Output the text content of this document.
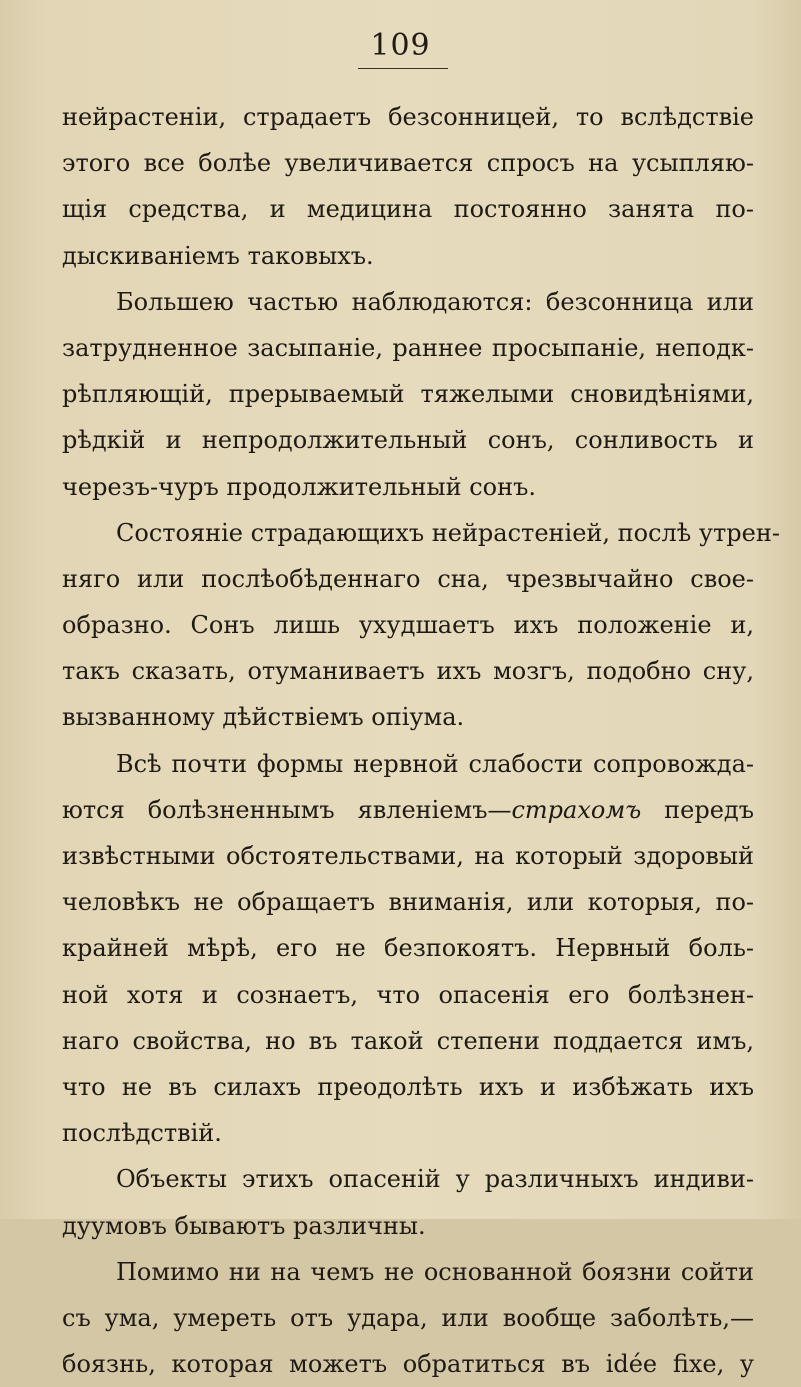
109
нейрастеніи, страдаетъ безсонницей, то вслѣдствіе
этого все болѣе увеличивается спросъ на усыпляю-
щія средства, и медицина постоянно занята по-
дыскиваніемъ таковыхъ.
Большею частью наблюдаются: безсонница или
затрудненное засыпаніе, раннее просыпаніе, неподк-
рѣпляющій, прерываемый тяжелыми сновидѣніями,
рѣдкій и непродолжительный сонъ, сонливость и
черезъ-чуръ продолжительный сонъ.
Состояніе страдающихъ нейрастеніей, послѣ утрен-
няго или послѣобѣденнаго сна, чрезвычайно свое-
образно. Сонъ лишь ухудшаетъ ихъ положеніе и,
такъ сказать, отуманиваетъ ихъ мозгъ, подобно сну,
вызванному дѣйствіемъ опіума.
Всѣ почти формы нервной слабости сопровожда-
ются болѣзненнымъ явленіемъ—страхомъ передъ
извѣстными обстоятельствами, на который здоровый
человѣкъ не обращаетъ вниманія, или которыя, по-
крайней мѣрѣ, его не безпокоятъ. Нервный боль-
ной хотя и сознаетъ, что опасенія его болѣзнен-
наго свойства, но въ такой степени поддается имъ,
что не въ силахъ преодолѣть ихъ и избѣжать ихъ
послѣдствій.
Объекты этихъ опасеній у различныхъ индиви-
дуумовъ бываютъ различны.
Помимо ни на чемъ не основанной боязни сойти
съ ума, умереть отъ удара, или вообще заболѣть,—
боязнь, которая можетъ обратиться въ idée fixe, у
